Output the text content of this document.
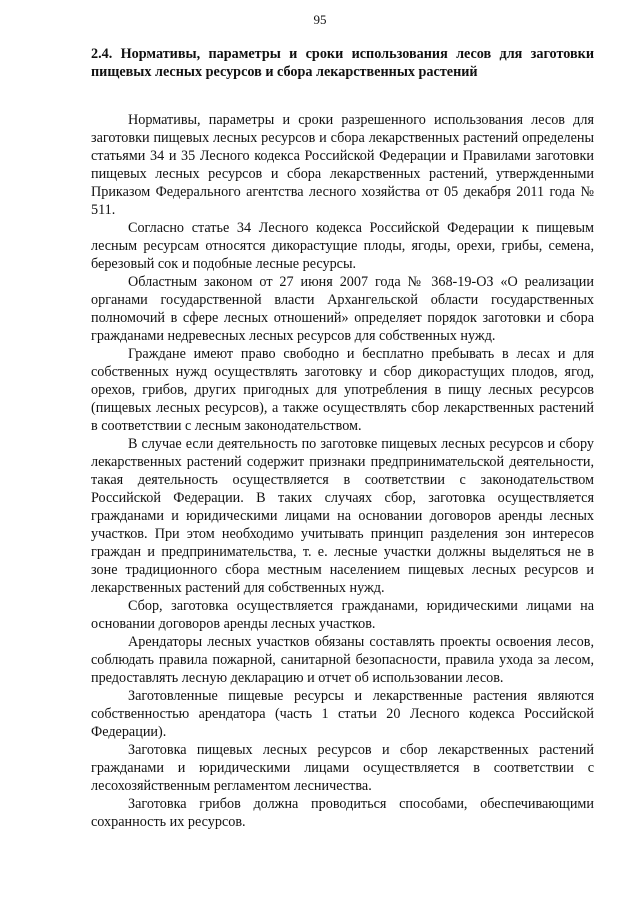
95
2.4. Нормативы, параметры и сроки использования лесов для заготовки пищевых лесных ресурсов и сбора лекарственных растений

Нормативы, параметры и сроки разрешенного использования лесов для заготовки пищевых лесных ресурсов и сбора лекарственных растений определены статьями 34 и 35 Лесного кодекса Российской Федерации и Правилами заготовки пищевых лесных ресурсов и сбора лекарственных растений, утвержденными Приказом Федерального агентства лесного хозяйства от 05 декабря 2011 года № 511.

Согласно статье 34 Лесного кодекса Российской Федерации к пищевым лесным ресурсам относятся дикорастущие плоды, ягоды, орехи, грибы, семена, березовый сок и подобные лесные ресурсы.

Областным законом от 27 июня 2007 года № 368-19-ОЗ «О реализации органами государственной власти Архангельской области государственных полномочий в сфере лесных отношений» определяет порядок заготовки и сбора гражданами недревесных лесных ресурсов для собственных нужд.

Граждане имеют право свободно и бесплатно пребывать в лесах и для собственных нужд осуществлять заготовку и сбор дикорастущих плодов, ягод, орехов, грибов, других пригодных для употребления в пищу лесных ресурсов (пищевых лесных ресурсов), а также осуществлять сбор лекарственных растений в соответствии с лесным законодательством.

В случае если деятельность по заготовке пищевых лесных ресурсов и сбору лекарственных растений содержит признаки предпринимательской деятельности, такая деятельность осуществляется в соответствии с законодательством Российской Федерации. В таких случаях сбор, заготовка осуществляется гражданами и юридическими лицами на основании договоров аренды лесных участков. При этом необходимо учитывать принцип разделения зон интересов граждан и предпринимательства, т. е. лесные участки должны выделяться не в зоне традиционного сбора местным населением пищевых лесных ресурсов и лекарственных растений для собственных нужд.

Сбор, заготовка осуществляется гражданами, юридическими лицами на основании договоров аренды лесных участков.

Арендаторы лесных участков обязаны составлять проекты освоения лесов, соблюдать правила пожарной, санитарной безопасности, правила ухода за лесом, предоставлять лесную декларацию и отчет об использовании лесов.

Заготовленные пищевые ресурсы и лекарственные растения являются собственностью арендатора (часть 1 статьи 20 Лесного кодекса Российской Федерации).

Заготовка пищевых лесных ресурсов и сбор лекарственных растений гражданами и юридическими лицами осуществляется в соответствии с лесохозяйственным регламентом лесничества.

Заготовка грибов должна проводиться способами, обеспечивающими сохранность их ресурсов.
